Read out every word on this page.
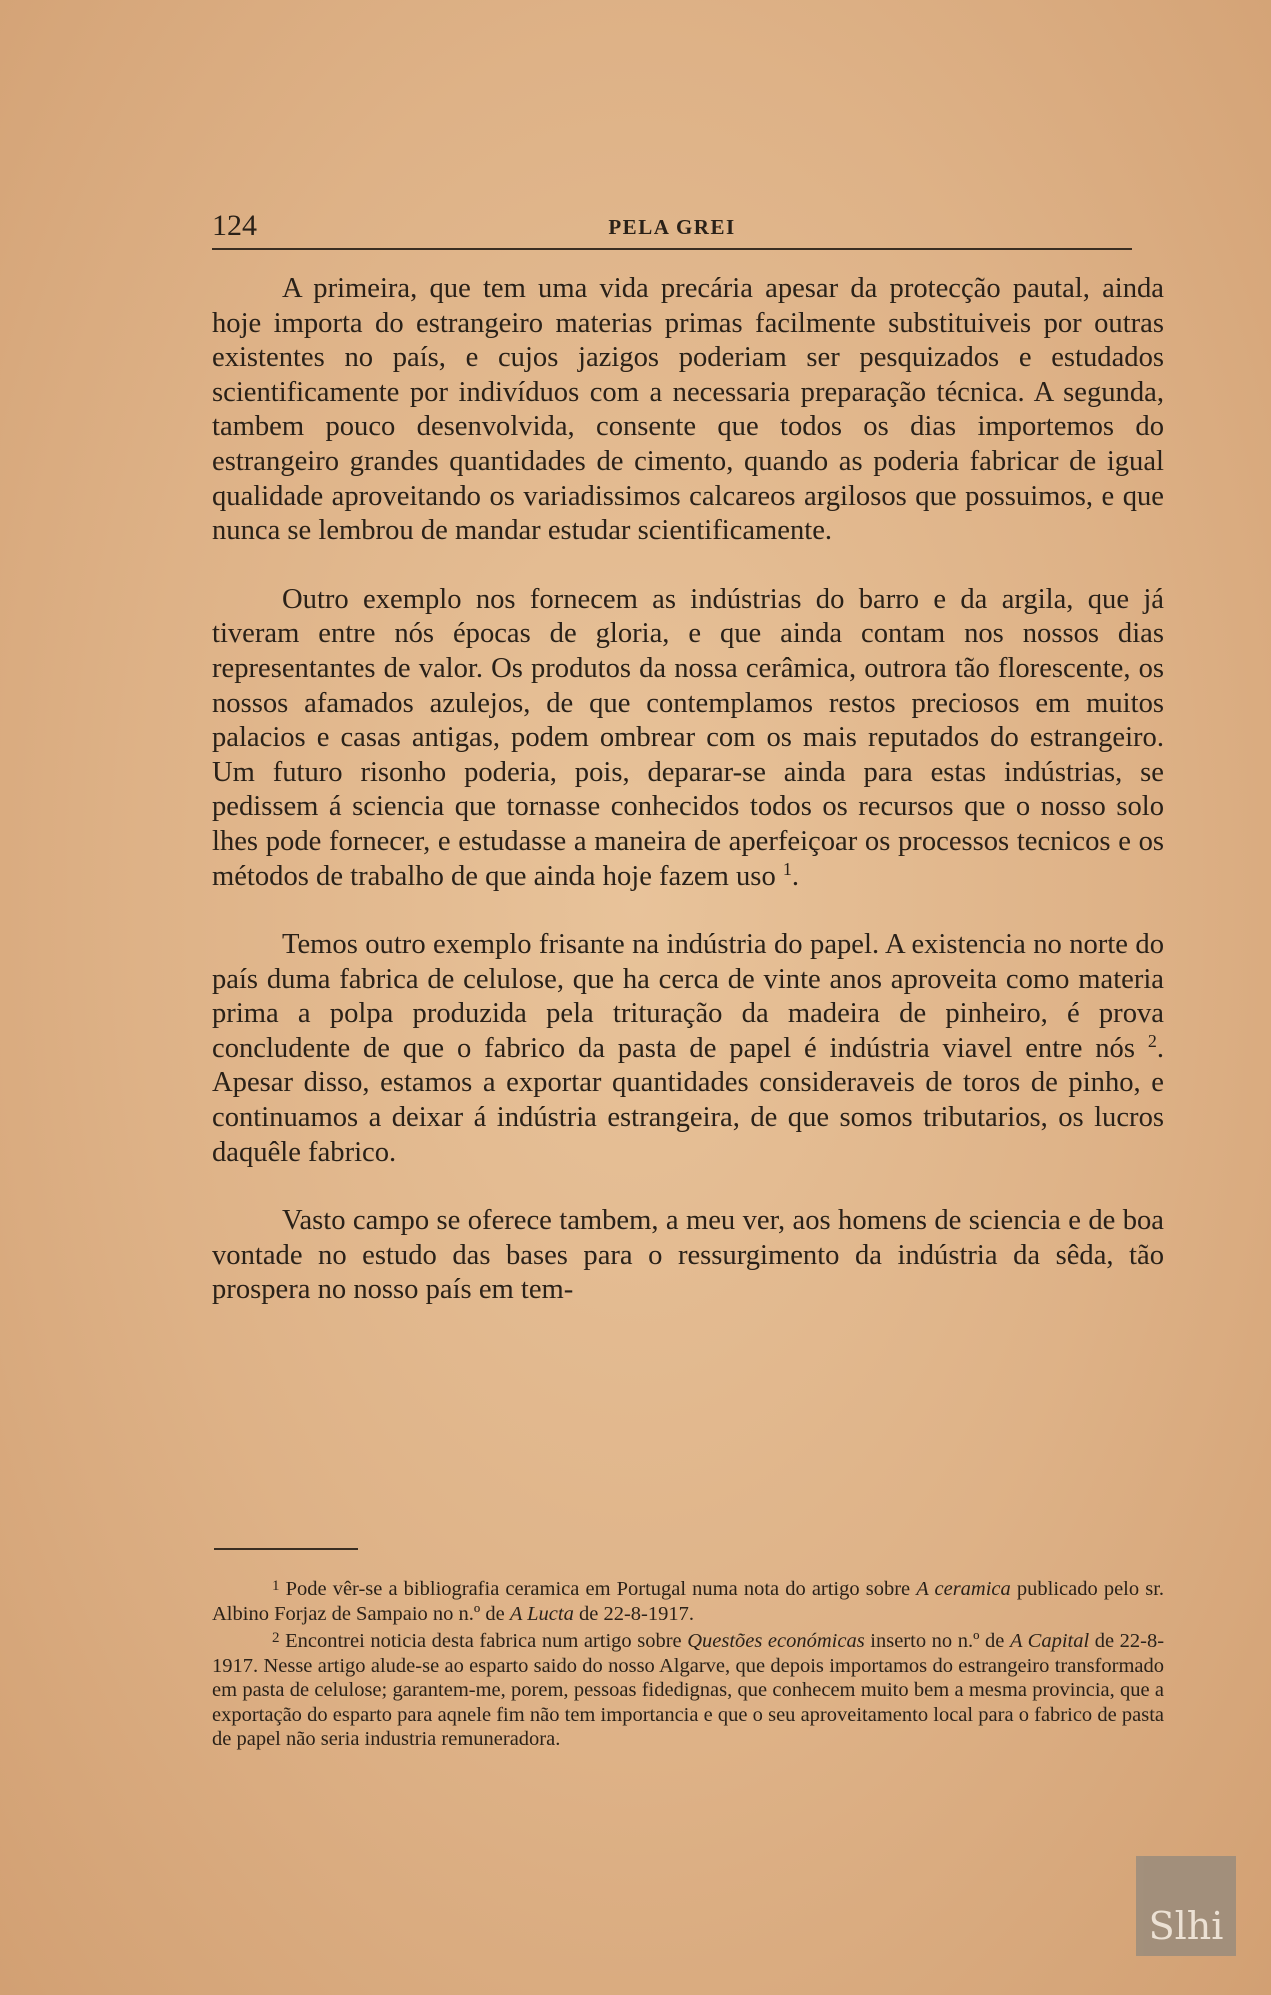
124	PELA GREI

A primeira, que tem uma vida precária apesar da protecção pautal, ainda hoje importa do estrangeiro materias primas facilmente substituiveis por outras existentes no país, e cujos jazigos poderiam ser pesquizados e estudados scientificamente por indivíduos com a necessaria preparação técnica. A segunda, tambem pouco desenvolvida, consente que todos os dias importemos do estrangeiro grandes quantidades de cimento, quando as poderia fabricar de igual qualidade aproveitando os variadissimos calcareos argilosos que possuimos, e que nunca se lembrou de mandar estudar scientificamente.

Outro exemplo nos fornecem as indústrias do barro e da argila, que já tiveram entre nós épocas de gloria, e que ainda contam nos nossos dias representantes de valor. Os produtos da nossa cerâmica, outrora tão florescente, os nossos afamados azulejos, de que contemplamos restos preciosos em muitos palacios e casas antigas, podem ombrear com os mais reputados do estrangeiro. Um futuro risonho poderia, pois, deparar-se ainda para estas indústrias, se pedissem á sciencia que tornasse conhecidos todos os recursos que o nosso solo lhes pode fornecer, e estudasse a maneira de aperfeiçoar os processos tecnicos e os métodos de trabalho de que ainda hoje fazem uso $^1$.

Temos outro exemplo frisante na indústria do papel. A existencia no norte do país duma fabrica de celulose, que ha cerca de vinte anos aproveita como materia prima a polpa produzida pela trituração da madeira de pinheiro, é prova concludente de que o fabrico da pasta de papel é indústria viavel entre nós $^2$. Apesar disso, estamos a exportar quantidades consideraveis de toros de pinho, e continuamos a deixar á indústria estrangeira, de que somos tributarios, os lucros daquêle fabrico.

Vasto campo se oferece tambem, a meu ver, aos homens de sciencia e de boa vontade no estudo das bases para o ressurgimento da indústria da sêda, tão prospera no nosso país em tem-

$^1$ Pode vêr-se a bibliografia ceramica em Portugal numa nota do artigo sobre A ceramica publicado pelo sr. Albino Forjaz de Sampaio no n.º de A Lucta de 22-8-1917.

$^2$ Encontrei noticia desta fabrica num artigo sobre Questões económicas inserto no n.º de A Capital de 22-8-1917. Nesse artigo alude-se ao esparto saido do nosso Algarve, que depois importamos do estrangeiro transformado em pasta de celulose; garantem-me, porem, pessoas fidedignas, que conhecem muito bem a mesma provincia, que a exportação do esparto para aqnele fim não tem importancia e que o seu aproveitamento local para o fabrico de pasta de papel não seria industria remuneradora.

Slhi
